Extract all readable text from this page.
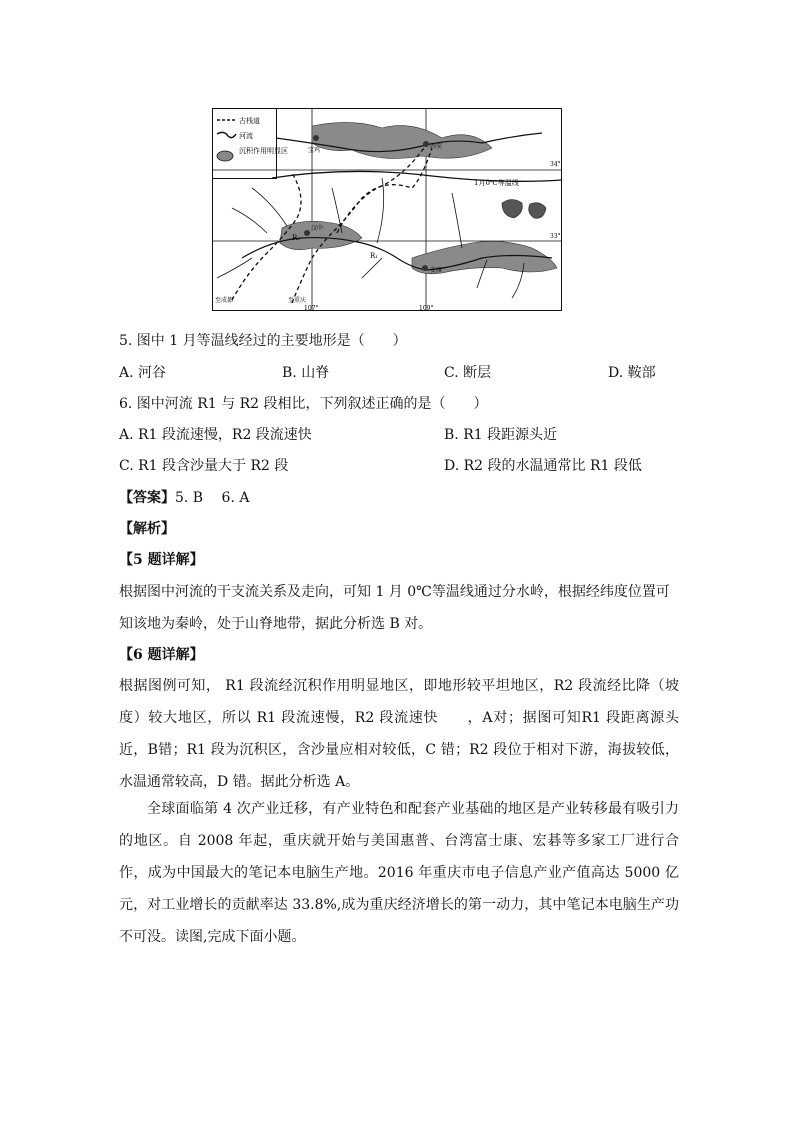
古栈道
河流
沉积作用明显区
1月0℃等温线
宝鸡
西安
汉中
安康
R₁
R₂
至成都	至重庆
34°
33°
107°	109°
5. 图中 1 月等温线经过的主要地形是（　　）
A. 河谷	B. 山脊	C. 断层	D. 鞍部
6. 图中河流 R1 与 R2 段相比，下列叙述正确的是（　　）
A. R1 段流速慢，R2 段流速快	B. R1 段距源头近
C. R1 段含沙量大于 R2 段	D. R2 段的水温通常比 R1 段低
【答案】5. B　 6. A
【解析】
【5 题详解】

根据图中河流的干支流关系及走向，可知 1 月 0℃等温线通过分水岭，根据经纬度位置可知该地为秦岭，处于山脊地带，据此分析选 B 对。

【6 题详解】

根据图例可知， R1 段流经沉积作用明显地区，即地形较平坦地区，R2 段流经比降（坡度）较大地区，所以 R1 段流速慢，R2 段流速快　　，A对；据图可知R1 段距离源头近，B错；R1 段为沉积区，含沙量应相对较低，C 错；R2 段位于相对下游，海拔较低，水温通常较高，D 错。据此分析选 A。

全球面临第 4 次产业迁移，有产业特色和配套产业基础的地区是产业转移最有吸引力的地区。自 2008 年起，重庆就开始与美国惠普、台湾富士康、宏碁等多家工厂进行合作，成为中国最大的笔记本电脑生产地。2016 年重庆市电子信息产业产值高达 5000 亿元，对工业增长的贡献率达 33.8%,成为重庆经济增长的第一动力，其中笔记本电脑生产功不可没。读图,完成下面小题。
